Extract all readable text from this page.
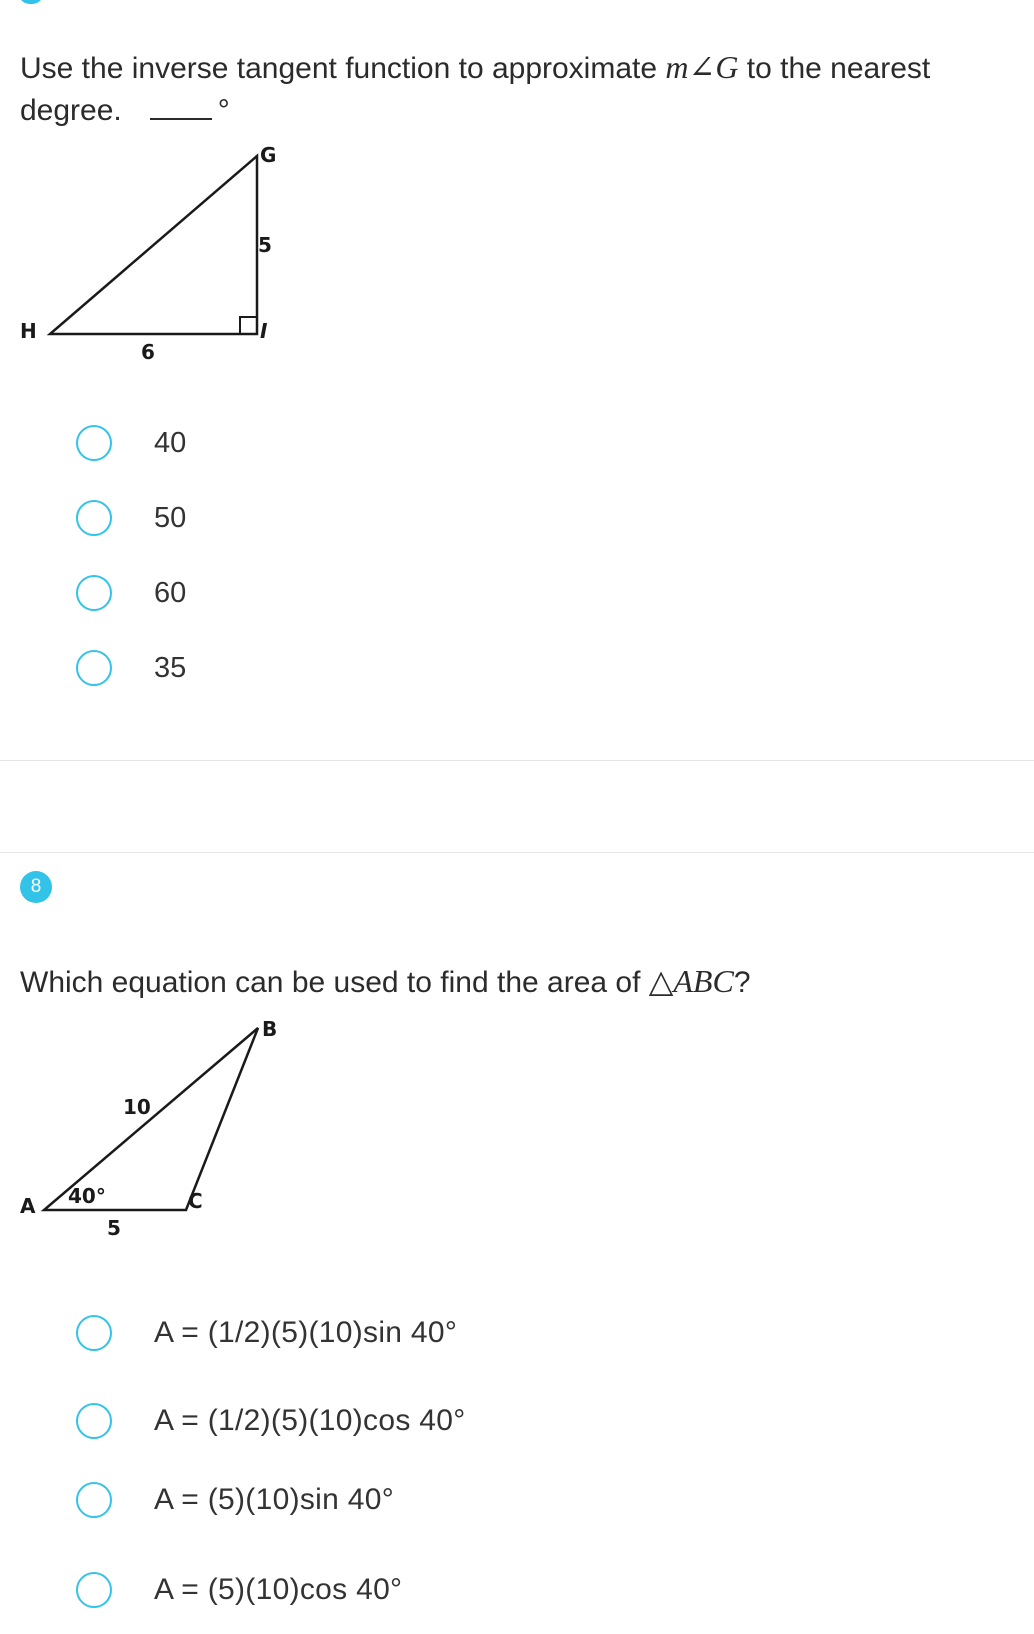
Use the inverse tangent function to approximate m∠G to the nearest degree.	°
G
H	I
5
6
40
50
60
35
8
Which equation can be used to find the area of △ABC?
B
A	C
10
5
40°
A = (1/2)(5)(10)sin 40°
A = (1/2)(5)(10)cos 40°
A = (5)(10)sin 40°
A = (5)(10)cos 40°
